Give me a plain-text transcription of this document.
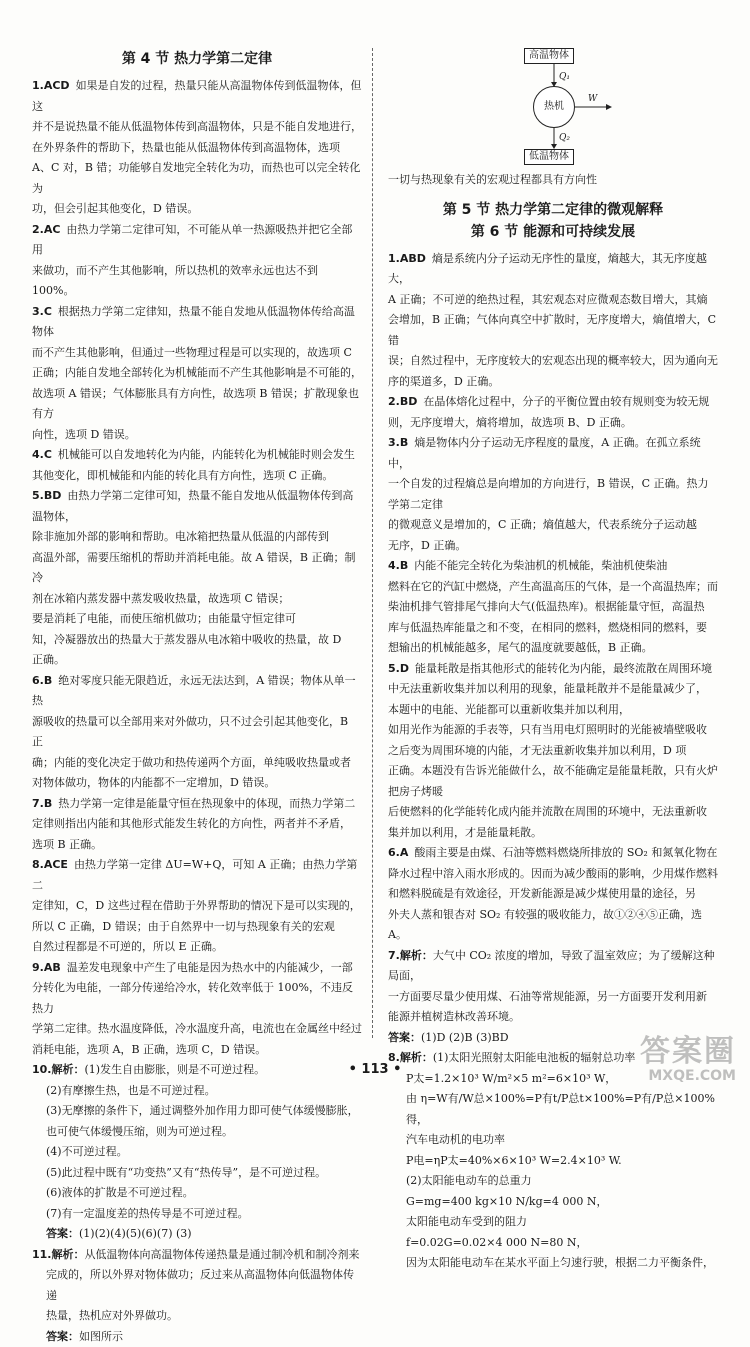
第 4 节 热力学第二定律

1.ACD 如果是自发的过程，热量只能从高温物体传到低温物体，但这

并不是说热量不能从低温物体传到高温物体，只是不能自发地进行，

在外界条件的帮助下，热量也能从低温物体传到高温物体，选项

A、C 对，B 错；功能够自发地完全转化为功，而热也可以完全转化为

功，但会引起其他变化，D 错误。

2.AC 由热力学第二定律可知，不可能从单一热源吸热并把它全部用

来做功，而不产生其他影响，所以热机的效率永远也达不到 100%。

3.C 根据热力学第二定律知，热量不能自发地从低温物体传给高温物体

而不产生其他影响，但通过一些物理过程是可以实现的，故选项 C

正确；内能自发地全部转化为机械能而不产生其他影响是不可能的，

故选项 A 错误；气体膨胀具有方向性，故选项 B 错误；扩散现象也有方

向性，选项 D 错误。

4.C 机械能可以自发地转化为内能，内能转化为机械能时则会发生

其他变化，即机械能和内能的转化具有方向性，选项 C 正确。

5.BD 由热力学第二定律可知，热量不能自发地从低温物体传到高温物体，

除非施加外部的影响和帮助。电冰箱把热量从低温的内部传到

高温外部，需要压缩机的帮助并消耗电能。故 A 错误，B 正确；制冷

剂在冰箱内蒸发器中蒸发吸收热量，故选项 C 错误；

要是消耗了电能，而使压缩机做功；由能量守恒定律可

知，冷凝器放出的热量大于蒸发器从电冰箱中吸收的热量，故 D

正确。

6.B 绝对零度只能无限趋近，永远无法达到，A 错误；物体从单一热

源吸收的热量可以全部用来对外做功，只不过会引起其他变化，B 正

确；内能的变化决定于做功和热传递两个方面，单纯吸收热量或者

对物体做功，物体的内能都不一定增加，D 错误。

7.B 热力学第一定律是能量守恒在热现象中的体现，而热力学第二

定律则指出内能和其他形式能发生转化的方向性，两者并不矛盾，

选项 B 正确。

8.ACE 由热力学第一定律 ΔU=W+Q，可知 A 正确；由热力学第二

定律知，C，D 这些过程在借助于外界帮助的情况下是可以实现的，

所以 C 正确，D 错误；由于自然界中一切与热现象有关的宏观

自然过程都是不可逆的，所以 E 正确。

9.AB 温差发电现象中产生了电能是因为热水中的内能减少，一部

分转化为电能，一部分传递给冷水，转化效率低于 100%，不违反热力

学第二定律。热水温度降低，冷水温度升高，电流也在金属丝中经过

消耗电能，选项 A，B 正确，选项 C，D 错误。

10.解析：(1)发生自由膨胀，则是不可逆过程。

(2)有摩擦生热，也是不可逆过程。

(3)无摩擦的条件下，通过调整外加作用力即可使气体缓慢膨胀，

也可使气体缓慢压缩，则为可逆过程。

(4)不可逆过程。

(5)此过程中既有“功变热”又有“热传导”，是不可逆过程。

(6)液体的扩散是不可逆过程。

(7)有一定温度差的热传导是不可逆过程。

答案：(1)(2)(4)(5)(6)(7) (3)

11.解析：从低温物体向高温物体传递热量是通过制冷机和制冷剂来

完成的，所以外界对物体做功；反过来从高温物体向低温物体传递

热量，热机应对外界做功。

答案：如图所示

高温物体
热机
低温物体
Q₁
Q₂
W

一切与热现象有关的宏观过程都具有方向性

第 5 节 热力学第二定律的微观解释
第 6 节 能源和可持续发展

1.ABD 熵是系统内分子运动无序性的量度，熵越大，其无序度越大，

A 正确；不可逆的绝热过程，其宏观态对应微观态数目增大，其熵

会增加，B 正确；气体向真空中扩散时，无序度增大，熵值增大，C 错

误；自然过程中，无序度较大的宏观态出现的概率较大，因为通向无

序的渠道多，D 正确。

2.BD 在晶体熔化过程中，分子的平衡位置由较有规则变为较无规

则，无序度增大，熵将增加，故选项 B、D 正确。

3.B 熵是物体内分子运动无序程度的量度，A 正确。在孤立系统中，

一个自发的过程熵总是向增加的方向进行，B 错误，C 正确。热力学第二定律

的微观意义是增加的，C 正确；熵值越大，代表系统分子运动越

无序，D 正确。

4.B 内能不能完全转化为柴油机的机械能，柴油机使柴油

燃料在它的汽缸中燃烧，产生高温高压的气体，是一个高温热库；而

柴油机排气管排尾气排向大气(低温热库)。根据能量守恒，高温热

库与低温热库能量之和不变，在相同的燃料，燃烧相同的燃料，要

想输出的机械能越多，尾气的温度就要越低，B 正确。

5.D 能量耗散是指其他形式的能转化为内能，最终流散在周围环境

中无法重新收集并加以利用的现象，能量耗散并不是能量减少了，

本题中的电能、光能都可以重新收集并加以利用，

如用光作为能源的手表等，只有当用电灯照明时的光能被墙壁吸收

之后变为周围环境的内能，才无法重新收集并加以利用，D 项

正确。本题没有告诉光能做什么，故不能确定是能量耗散，只有火炉把房子烤暖

后使燃料的化学能转化成内能并流散在周围的环境中，无法重新收

集并加以利用，才是能量耗散。

6.A 酸雨主要是由煤、石油等燃料燃烧所排放的 SO₂ 和氮氧化物在

降水过程中溶入雨水形成的。因而为减少酸雨的影响，少用煤作燃料

和燃料脱硫是有效途径，开发新能源是减少煤使用量的途径，另

外夫人蒸和银杏对 SO₂ 有较强的吸收能力，故①②④⑤正确，选

A。

7.解析：大气中 CO₂ 浓度的增加，导致了温室效应；为了缓解这种局面，

一方面要尽量少使用煤、石油等常规能源，另一方面要开发利用新

能源并植树造林改善环境。

答案：(1)D (2)B (3)BD

8.解析：(1)太阳光照射太阳能电池板的辐射总功率

P太=1.2×10³ W/m²×5 m²=6×10³ W，

由 η=W有/W总×100%=P有t/P总t×100%=P有/P总×100%得，

汽车电动机的电功率

P电=ηP太=40%×6×10³ W=2.4×10³ W.

(2)太阳能电动车的总重力

G=mg=400 kg×10 N/kg=4 000 N，

太阳能电动车受到的阻力

f=0.02G=0.02×4 000 N=80 N，

因为太阳能电动车在某水平面上匀速行驶，根据二力平衡条件，

• 113 •
答案圈
MXQE.COM
